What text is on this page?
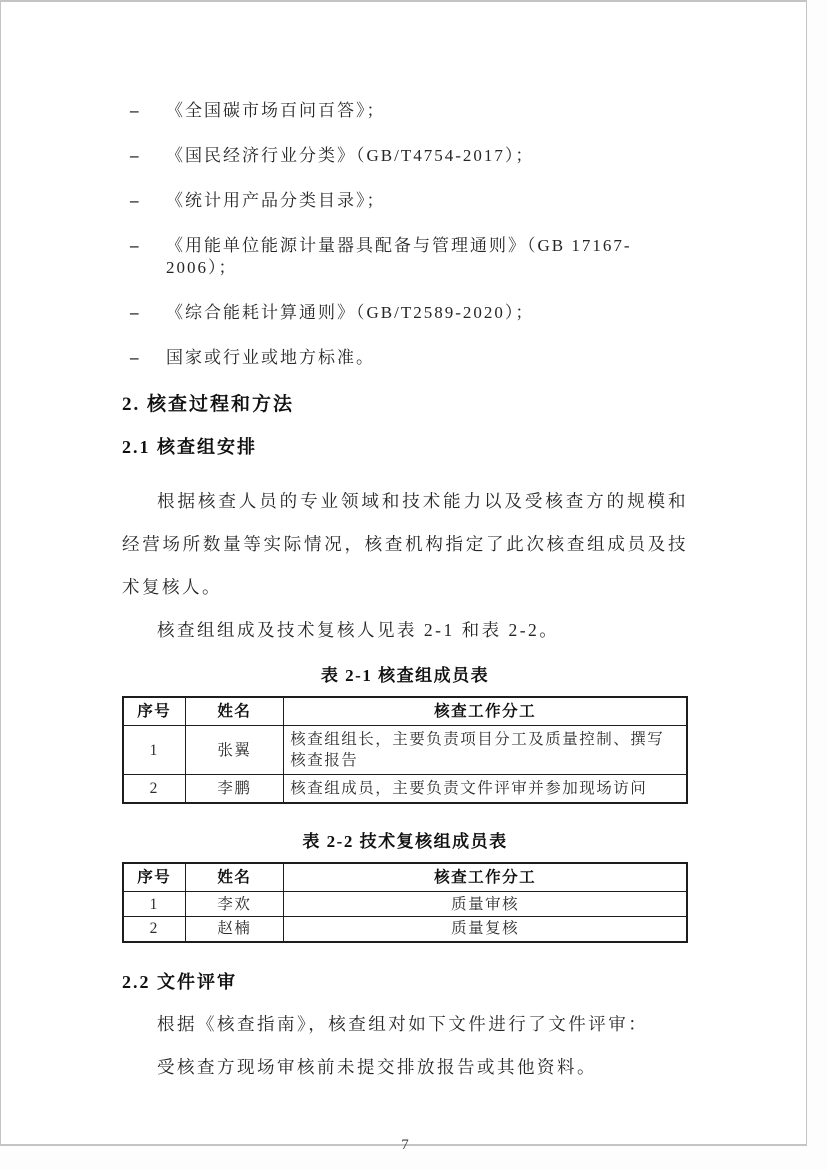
–	《全国碳市场百问百答》；
–	《国民经济行业分类》（GB/T4754-2017）；
–	《统计用产品分类目录》；
–	《用能单位能源计量器具配备与管理通则》（GB 17167-2006）；
–	《综合能耗计算通则》（GB/T2589-2020）；
–	国家或行业或地方标准。
2. 核查过程和方法
2.1 核查组安排

根据核查人员的专业领域和技术能力以及受核查方的规模和经营场所数量等实际情况，核查机构指定了此次核查组成员及技术复核人。

核查组组成及技术复核人见表 2-1 和表 2-2。

表 2-1 核查组成员表
序号	姓名	核查工作分工
1	张翼	核查组组长，主要负责项目分工及质量控制、撰写核查报告
2	李鹏	核查组成员，主要负责文件评审并参加现场访问
表 2-2 技术复核组成员表
序号	姓名	核查工作分工
1	李欢	质量审核
2	赵楠	质量复核
2.2 文件评审

根据《核查指南》，核查组对如下文件进行了文件评审：

受核查方现场审核前未提交排放报告或其他资料。

7
